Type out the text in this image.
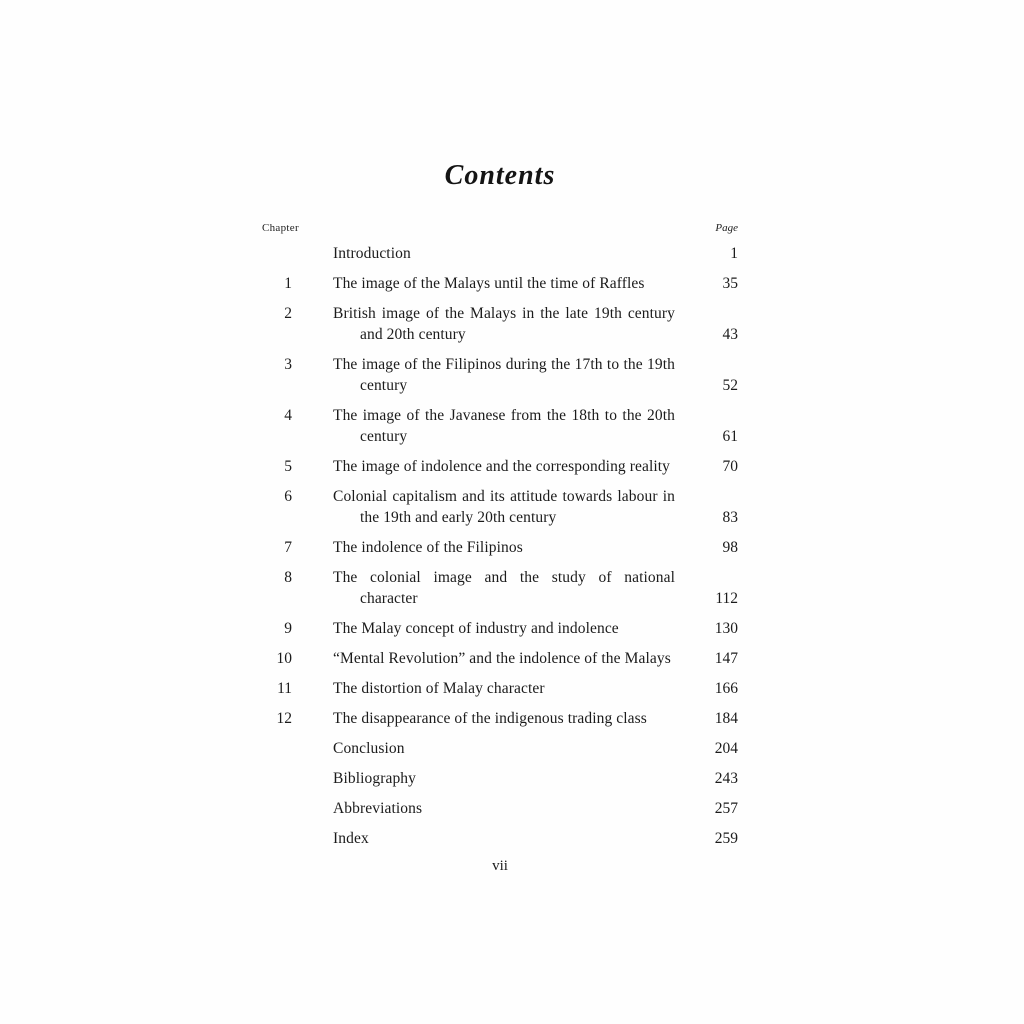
Contents
Chapter	Page
Introduction	1
1	The image of the Malays until the time of Raffles	35
2	British image of the Malays in the late 19th century and 20th century	43
3	The image of the Filipinos during the 17th to the 19th century	52
4	The image of the Javanese from the 18th to the 20th century	61
5	The image of indolence and the corresponding reality	70
6	Colonial capitalism and its attitude towards labour in the 19th and early 20th century	83
7	The indolence of the Filipinos	98
8	The colonial image and the study of national character	112
9	The Malay concept of industry and indolence	130
10	“Mental Revolution” and the indolence of the Malays	147
11	The distortion of Malay character	166
12	The disappearance of the indigenous trading class	184
Conclusion	204
Bibliography	243
Abbreviations	257
Index	259
vii
